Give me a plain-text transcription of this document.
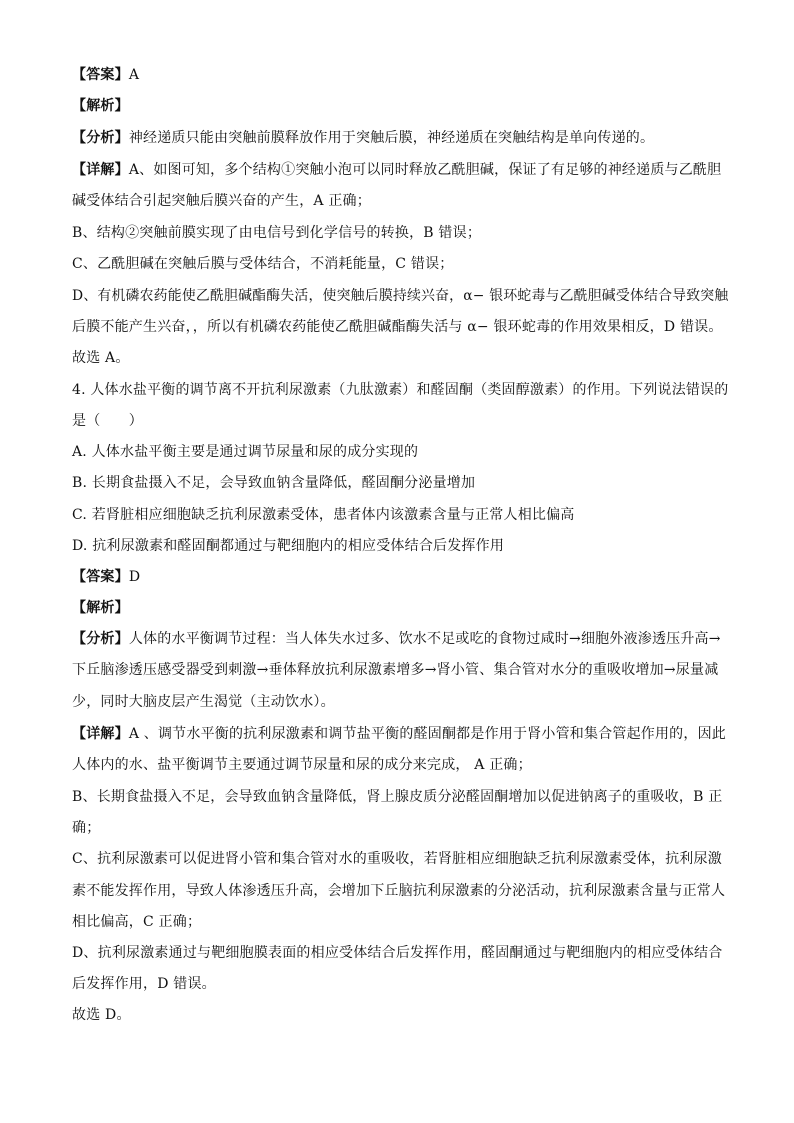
【答案】A
【解析】
【分析】神经递质只能由突触前膜释放作用于突触后膜，神经递质在突触结构是单向传递的。
【详解】A、如图可知，多个结构①突触小泡可以同时释放乙酰胆碱，保证了有足够的神经递质与乙酰胆
碱受体结合引起突触后膜兴奋的产生，A 正确；
B、结构②突触前膜实现了由电信号到化学信号的转换，B 错误；
C、乙酰胆碱在突触后膜与受体结合，不消耗能量，C 错误；
D、有机磷农药能使乙酰胆碱酯酶失活，使突触后膜持续兴奋，α− 银环蛇毒与乙酰胆碱受体结合导致突触
后膜不能产生兴奋，，所以有机磷农药能使乙酰胆碱酯酶失活与 α− 银环蛇毒的作用效果相反，D 错误。
故选 A。
4. 人体水盐平衡的调节离不开抗利尿激素（九肽激素）和醛固酮（类固醇激素）的作用。下列说法错误的
是（　　）
A. 人体水盐平衡主要是通过调节尿量和尿的成分实现的
B. 长期食盐摄入不足，会导致血钠含量降低，醛固酮分泌量增加
C. 若肾脏相应细胞缺乏抗利尿激素受体，患者体内该激素含量与正常人相比偏高
D. 抗利尿激素和醛固酮都通过与靶细胞内的相应受体结合后发挥作用
【答案】D
【解析】
【分析】人体的水平衡调节过程：当人体失水过多、饮水不足或吃的食物过咸时→细胞外液渗透压升高→
下丘脑渗透压感受器受到刺激→垂体释放抗利尿激素增多→肾小管、集合管对水分的重吸收增加→尿量减
少，同时大脑皮层产生渴觉（主动饮水）。
【详解】A 、调节水平衡的抗利尿激素和调节盐平衡的醛固酮都是作用于肾小管和集合管起作用的，因此
人体内的水、盐平衡调节主要通过调节尿量和尿的成分来完成， A 正确；
B、长期食盐摄入不足，会导致血钠含量降低，肾上腺皮质分泌醛固酮增加以促进钠离子的重吸收，B 正
确；
C、抗利尿激素可以促进肾小管和集合管对水的重吸收，若肾脏相应细胞缺乏抗利尿激素受体，抗利尿激
素不能发挥作用，导致人体渗透压升高，会增加下丘脑抗利尿激素的分泌活动，抗利尿激素含量与正常人
相比偏高，C 正确；
D、抗利尿激素通过与靶细胞膜表面的相应受体结合后发挥作用，醛固酮通过与靶细胞内的相应受体结合
后发挥作用，D 错误。
故选 D。
